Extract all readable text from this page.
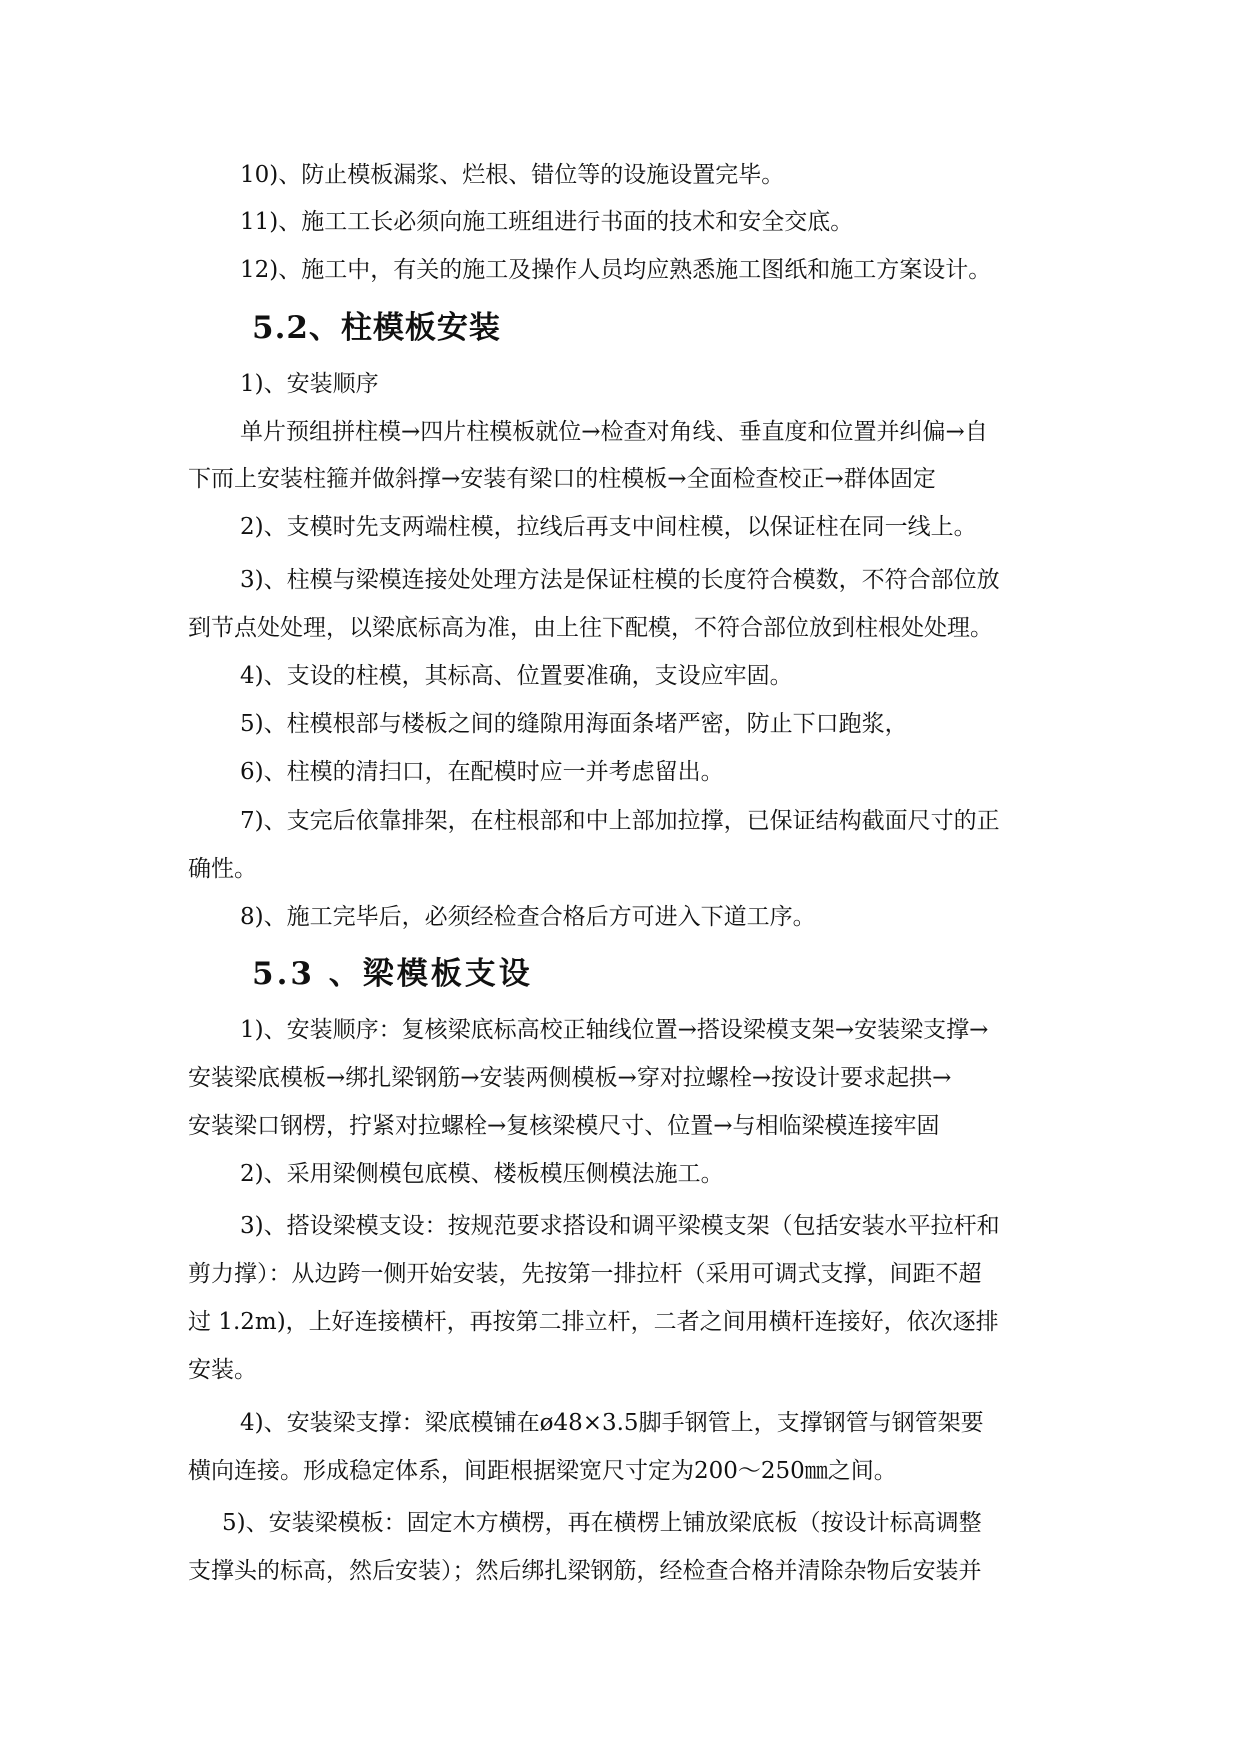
10)、防止模板漏浆、烂根、错位等的设施设置完毕。
11)、施工工长必须向施工班组进行书面的技术和安全交底。
12)、施工中，有关的施工及操作人员均应熟悉施工图纸和施工方案设计。
5.2、柱模板安装
1)、安装顺序
单片预组拼柱模→四片柱模板就位→检查对角线、垂直度和位置并纠偏→自
下而上安装柱箍并做斜撑→安装有梁口的柱模板→全面检查校正→群体固定
2)、支模时先支两端柱模，拉线后再支中间柱模，以保证柱在同一线上。
3)、柱模与梁模连接处处理方法是保证柱模的长度符合模数，不符合部位放
到节点处处理，以梁底标高为准，由上往下配模，不符合部位放到柱根处处理。
4)、支设的柱模，其标高、位置要准确，支设应牢固。
5)、柱模根部与楼板之间的缝隙用海面条堵严密，防止下口跑浆，
6)、柱模的清扫口，在配模时应一并考虑留出。
7)、支完后依靠排架，在柱根部和中上部加拉撑，已保证结构截面尺寸的正
确性。
8)、施工完毕后，必须经检查合格后方可进入下道工序。
5.3 、梁模板支设
1)、安装顺序：复核梁底标高校正轴线位置→搭设梁模支架→安装梁支撑→
安装梁底模板→绑扎梁钢筋→安装两侧模板→穿对拉螺栓→按设计要求起拱→
安装梁口钢楞，拧紧对拉螺栓→复核梁模尺寸、位置→与相临梁模连接牢固
2)、采用梁侧模包底模、楼板模压侧模法施工。
3)、搭设梁模支设：按规范要求搭设和调平梁模支架（包括安装水平拉杆和
剪力撑）：从边跨一侧开始安装，先按第一排拉杆（采用可调式支撑，间距不超
过 1.2m)，上好连接横杆，再按第二排立杆，二者之间用横杆连接好，依次逐排
安装。
4)、安装梁支撑：梁底模铺在ø48×3.5脚手钢管上，支撑钢管与钢管架要
横向连接。形成稳定体系，间距根据梁宽尺寸定为200～250㎜之间。
5)、安装梁模板：固定木方横楞，再在横楞上铺放梁底板（按设计标高调整
支撑头的标高，然后安装）；然后绑扎梁钢筋，经检查合格并清除杂物后安装并
